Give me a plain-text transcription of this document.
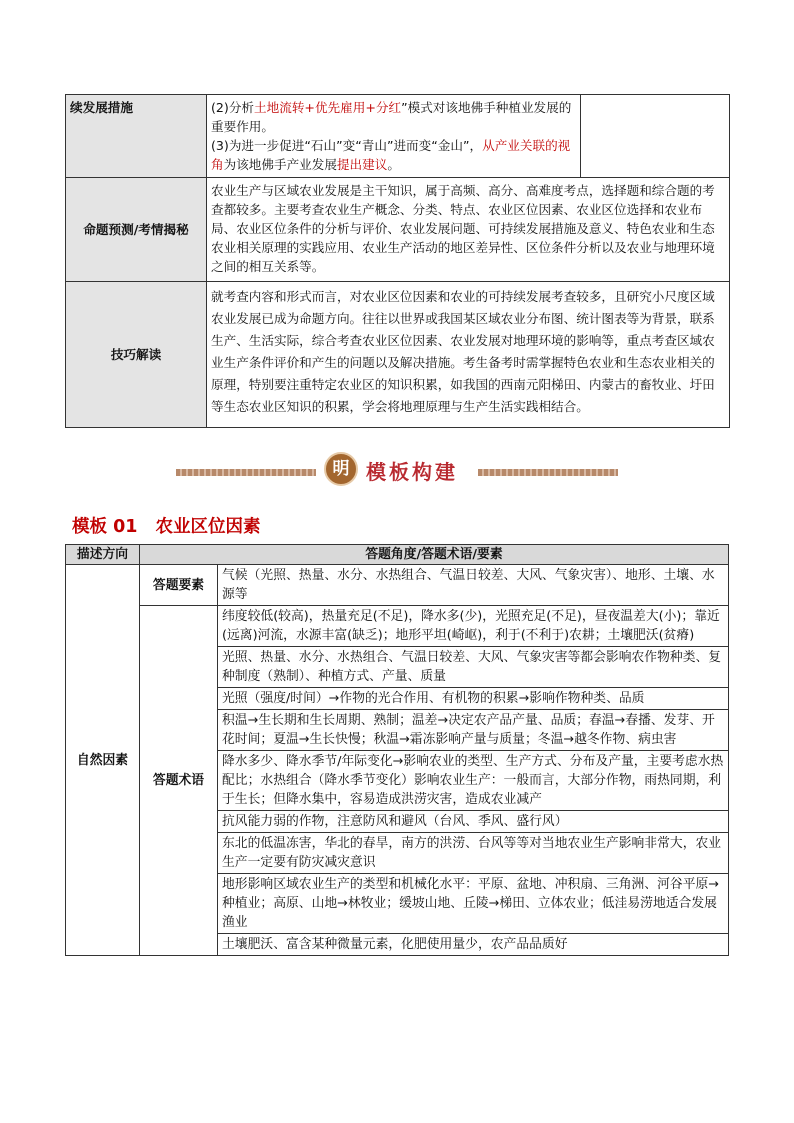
续发展措施	(2)分析土地流转+优先雇用+分红”模式对该地佛手种植业发展的重要作用。
(3)为进一步促进“石山”变“青山”进而变“金山”，从产业关联的视角为该地佛手产业发展提出建议。	
命题预测/考情揭秘	农业生产与区域农业发展是主干知识，属于高频、高分、高难度考点，选择题和综合题的考查都较多。主要考查农业生产概念、分类、特点、农业区位因素、农业区位选择和农业布局、农业区位条件的分析与评价、农业发展问题、可持续发展措施及意义、特色农业和生态农业相关原理的实践应用、农业生产活动的地区差异性、区位条件分析以及农业与地理环境之间的相互关系等。	
技巧解读	就考查内容和形式而言，对农业区位因素和农业的可持续发展考查较多，且研究小尺度区域农业发展已成为命题方向。往往以世界或我国某区域农业分布图、统计图表等为背景，联系生产、生活实际，综合考查农业区位因素、农业发展对地理环境的影响等，重点考查区域农业生产条件评价和产生的问题以及解决措施。考生备考时需掌握特色农业和生态农业相关的原理，特别要注重特定农业区的知识积累，如我国的西南元阳梯田、内蒙古的畜牧业、圩田等生态农业区知识的积累，学会将地理原理与生产生活实践相结合。	
明 模板构建
模板 01 农业区位因素
描述方向	答题角度/答题术语/要素	
自然因素	答题要素	气候（光照、热量、水分、水热组合、气温日较差、大风、气象灾害）、地形、土壤、水源等
	答题术语	纬度较低(较高)，热量充足(不足)，降水多(少)，光照充足(不足)，昼夜温差大(小)；靠近(远离)河流，水源丰富(缺乏)；地形平坦(崎岖)，利于(不利于)农耕；土壤肥沃(贫瘠)
		光照、热量、水分、水热组合、气温日较差、大风、气象灾害等都会影响农作物种类、复种制度（熟制）、种植方式、产量、质量
		光照（强度/时间）→作物的光合作用、有机物的积累→影响作物种类、品质
		积温→生长期和生长周期、熟制；温差→决定农产品产量、品质；春温→春播、发芽、开花时间；夏温→生长快慢；秋温→霜冻影响产量与质量；冬温→越冬作物、病虫害
		降水多少、降水季节/年际变化→影响农业的类型、生产方式、分布及产量，主要考虑水热配比；水热组合（降水季节变化）影响农业生产：一般而言，大部分作物，雨热同期，利于生长；但降水集中，容易造成洪涝灾害，造成农业减产
		抗风能力弱的作物，注意防风和避风（台风、季风、盛行风）
		东北的低温冻害，华北的春旱，南方的洪涝、台风等等对当地农业生产影响非常大，农业生产一定要有防灾减灾意识
		地形影响区域农业生产的类型和机械化水平：平原、盆地、冲积扇、三角洲、河谷平原→种植业；高原、山地→林牧业；缓坡山地、丘陵→梯田、立体农业；低洼易涝地适合发展渔业
		土壤肥沃、富含某种微量元素，化肥使用量少，农产品品质好
